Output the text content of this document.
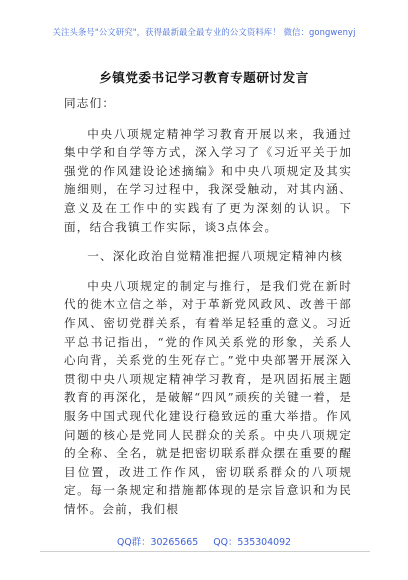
关注头条号"公文研究"，获得最新最全最专业的公文资料库！ 微信：gongwenyj
乡镇党委书记学习教育专题研讨发言

同志们：

中央八项规定精神学习教育开展以来，我通过集中学和自学等方式，深入学习了《习近平关于加强党的作风建设论述摘编》和中央八项规定及其实施细则，在学习过程中，我深受触动，对其内涵、意义及在工作中的实践有了更为深刻的认识。下面，结合我镇工作实际，谈3点体会。

一、深化政治自觉精准把握八项规定精神内核

中央八项规定的制定与推行，是我们党在新时代的徙木立信之举，对于革新党风政风、改善干部作风、密切党群关系，有着举足轻重的意义。习近平总书记指出，“党的作风关系党的形象，关系人心向背，关系党的生死存亡。”党中央部署开展深入贯彻中央八项规定精神学习教育，是巩固拓展主题教育的再深化，是破解“四风”顽疾的关键一着，是服务中国式现代化建设行稳致远的重大举措。作风问题的核心是党同人民群众的关系。中央八项规定的全称、全名，就是把密切联系群众摆在重要的醒目位置，改进工作作风，密切联系群众的八项规定。每一条规定和措施都体现的是宗旨意识和为民情怀。会前，我们根

QQ群：30265665 QQ：535304092
